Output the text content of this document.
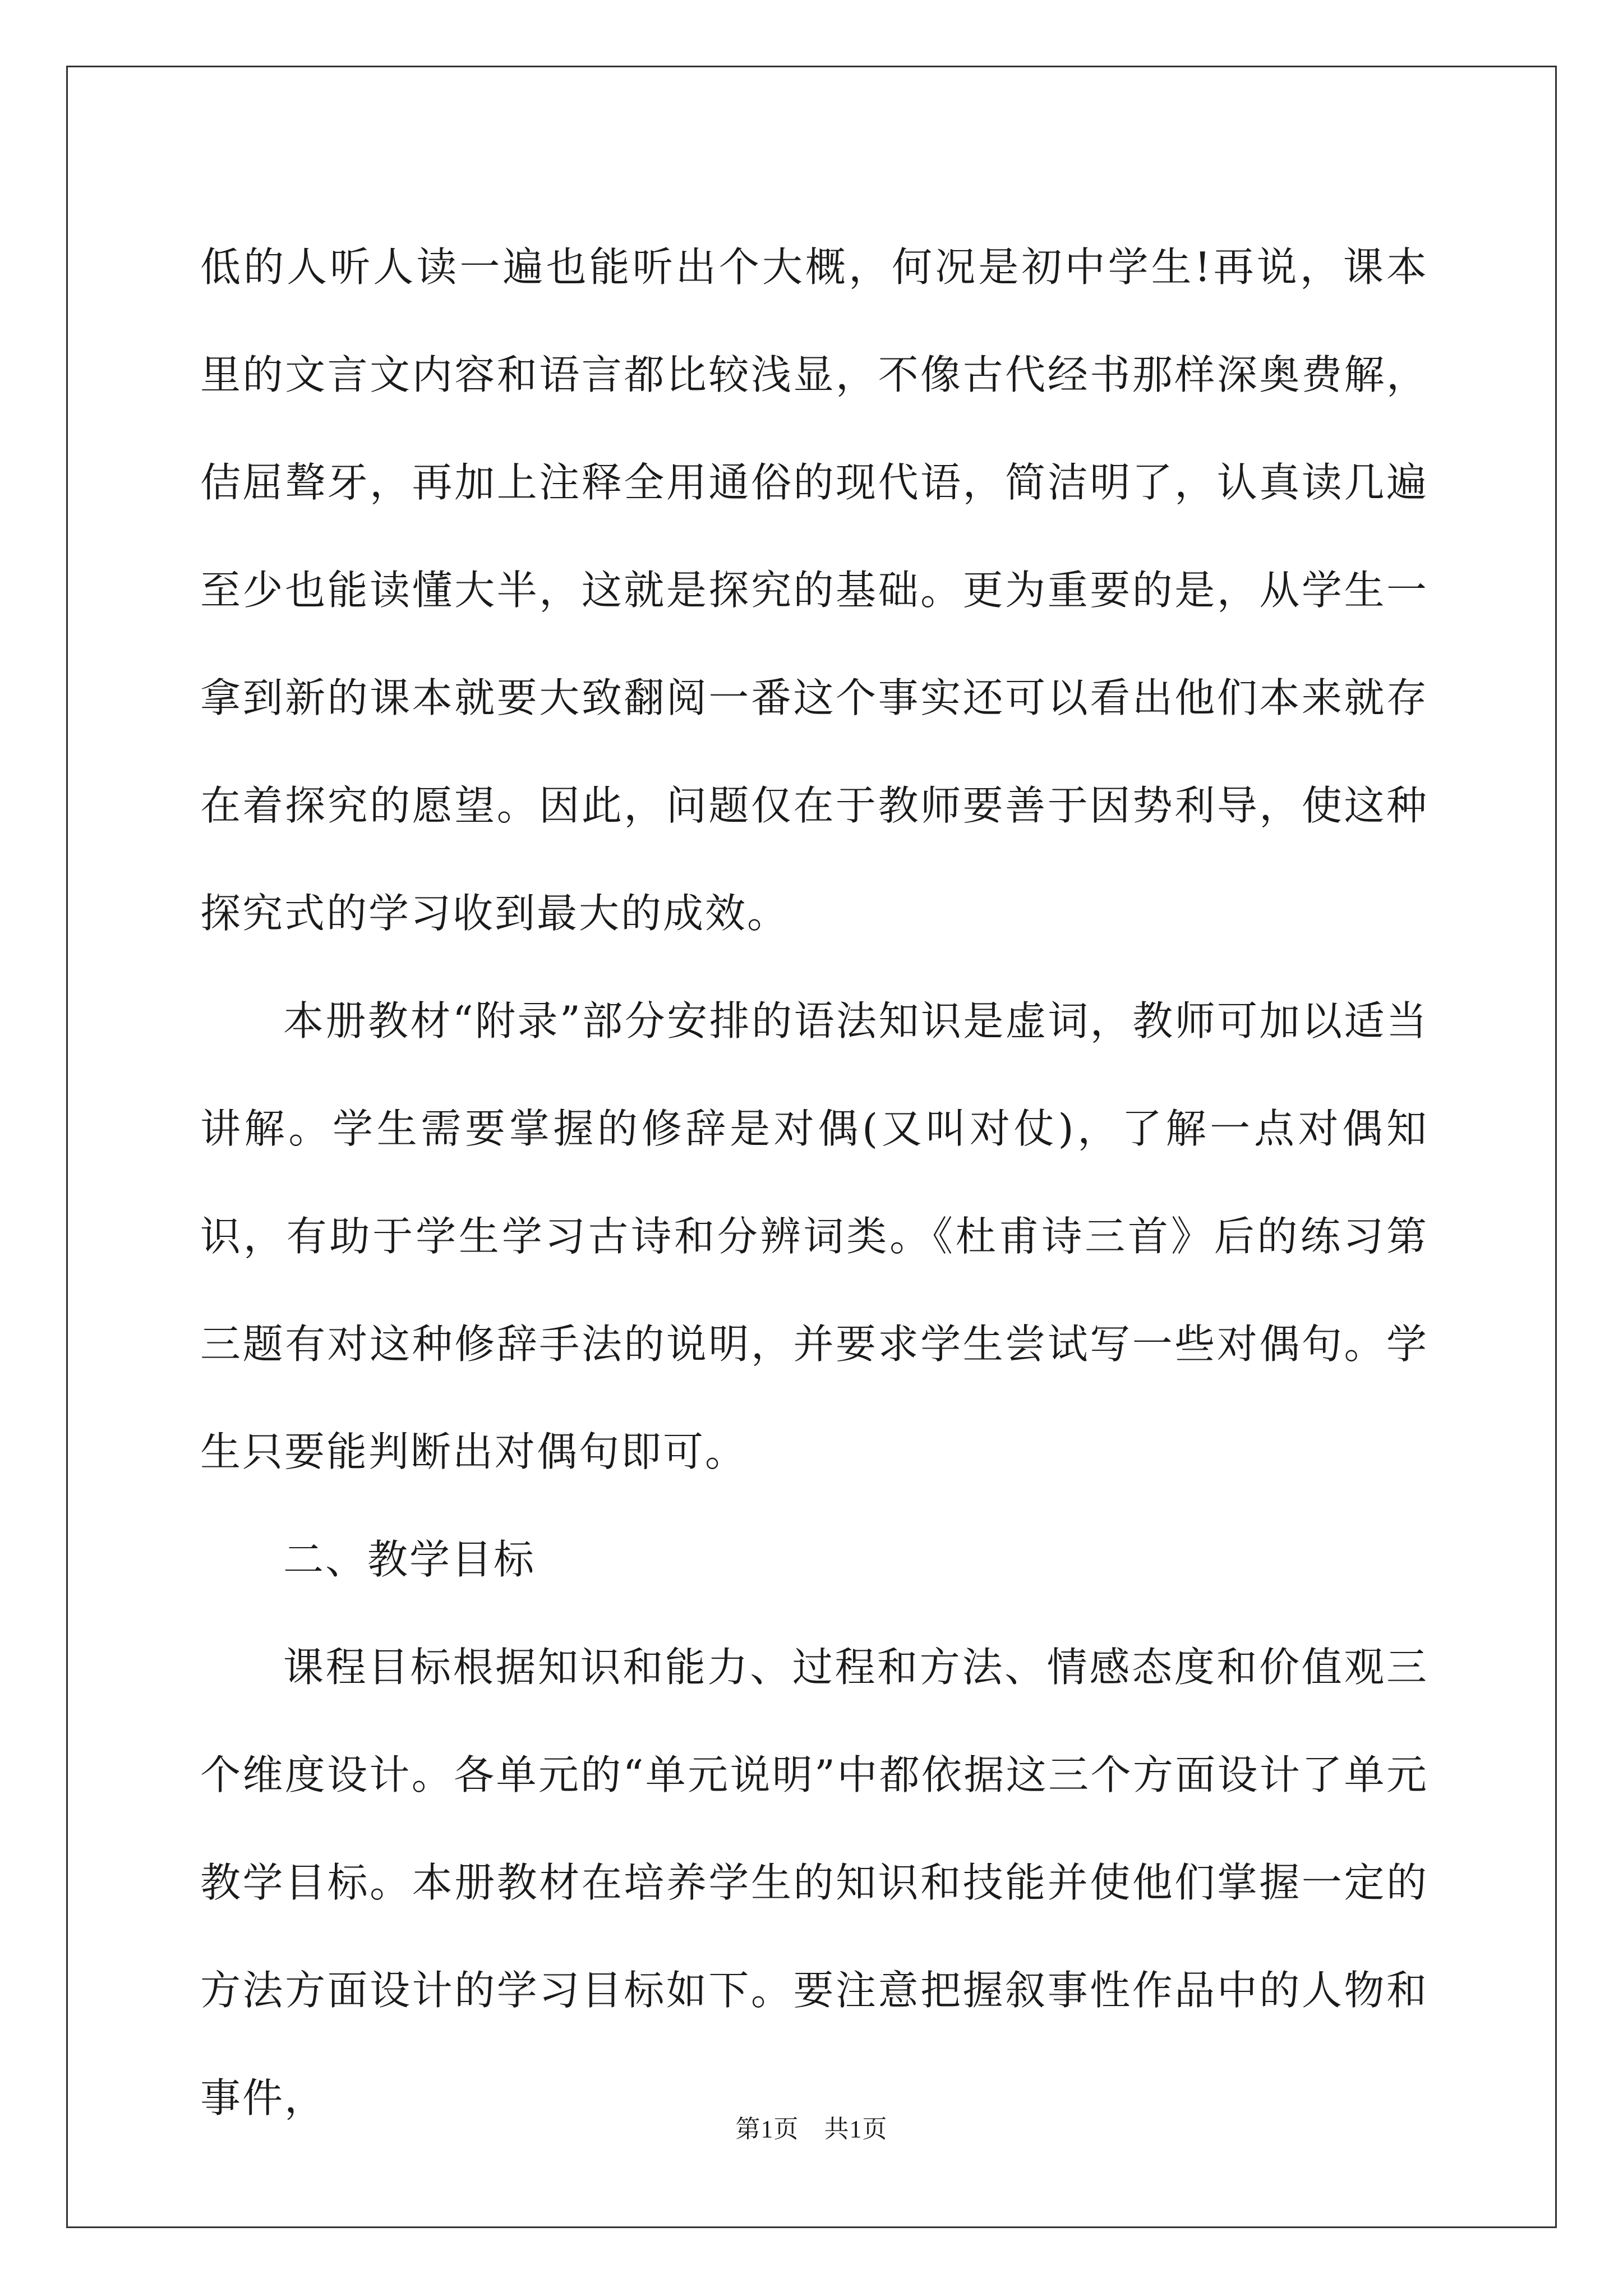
低的人听人读一遍也能听出个大概，何况是初中学生!再说，课本里的文言文内容和语言都比较浅显，不像古代经书那样深奥费解，佶屈聱牙，再加上注释全用通俗的现代语，简洁明了，认真读几遍至少也能读懂大半，这就是探究的基础。更为重要的是，从学生一拿到新的课本就要大致翻阅一番这个事实还可以看出他们本来就存在着探究的愿望。因此，问题仅在于教师要善于因势利导，使这种探究式的学习收到最大的成效。

本册教材“附录”部分安排的语法知识是虚词，教师可加以适当讲解。学生需要掌握的修辞是对偶(又叫对仗)，了解一点对偶知识，有助于学生学习古诗和分辨词类。《杜甫诗三首》后的练习第三题有对这种修辞手法的说明，并要求学生尝试写一些对偶句。学生只要能判断出对偶句即可。

二、教学目标

课程目标根据知识和能力、过程和方法、情感态度和价值观三个维度设计。各单元的“单元说明”中都依据这三个方面设计了单元教学目标。本册教材在培养学生的知识和技能并使他们掌握一定的方法方面设计的学习目标如下。要注意把握叙事性作品中的人物和事件，

第1页　共1页
